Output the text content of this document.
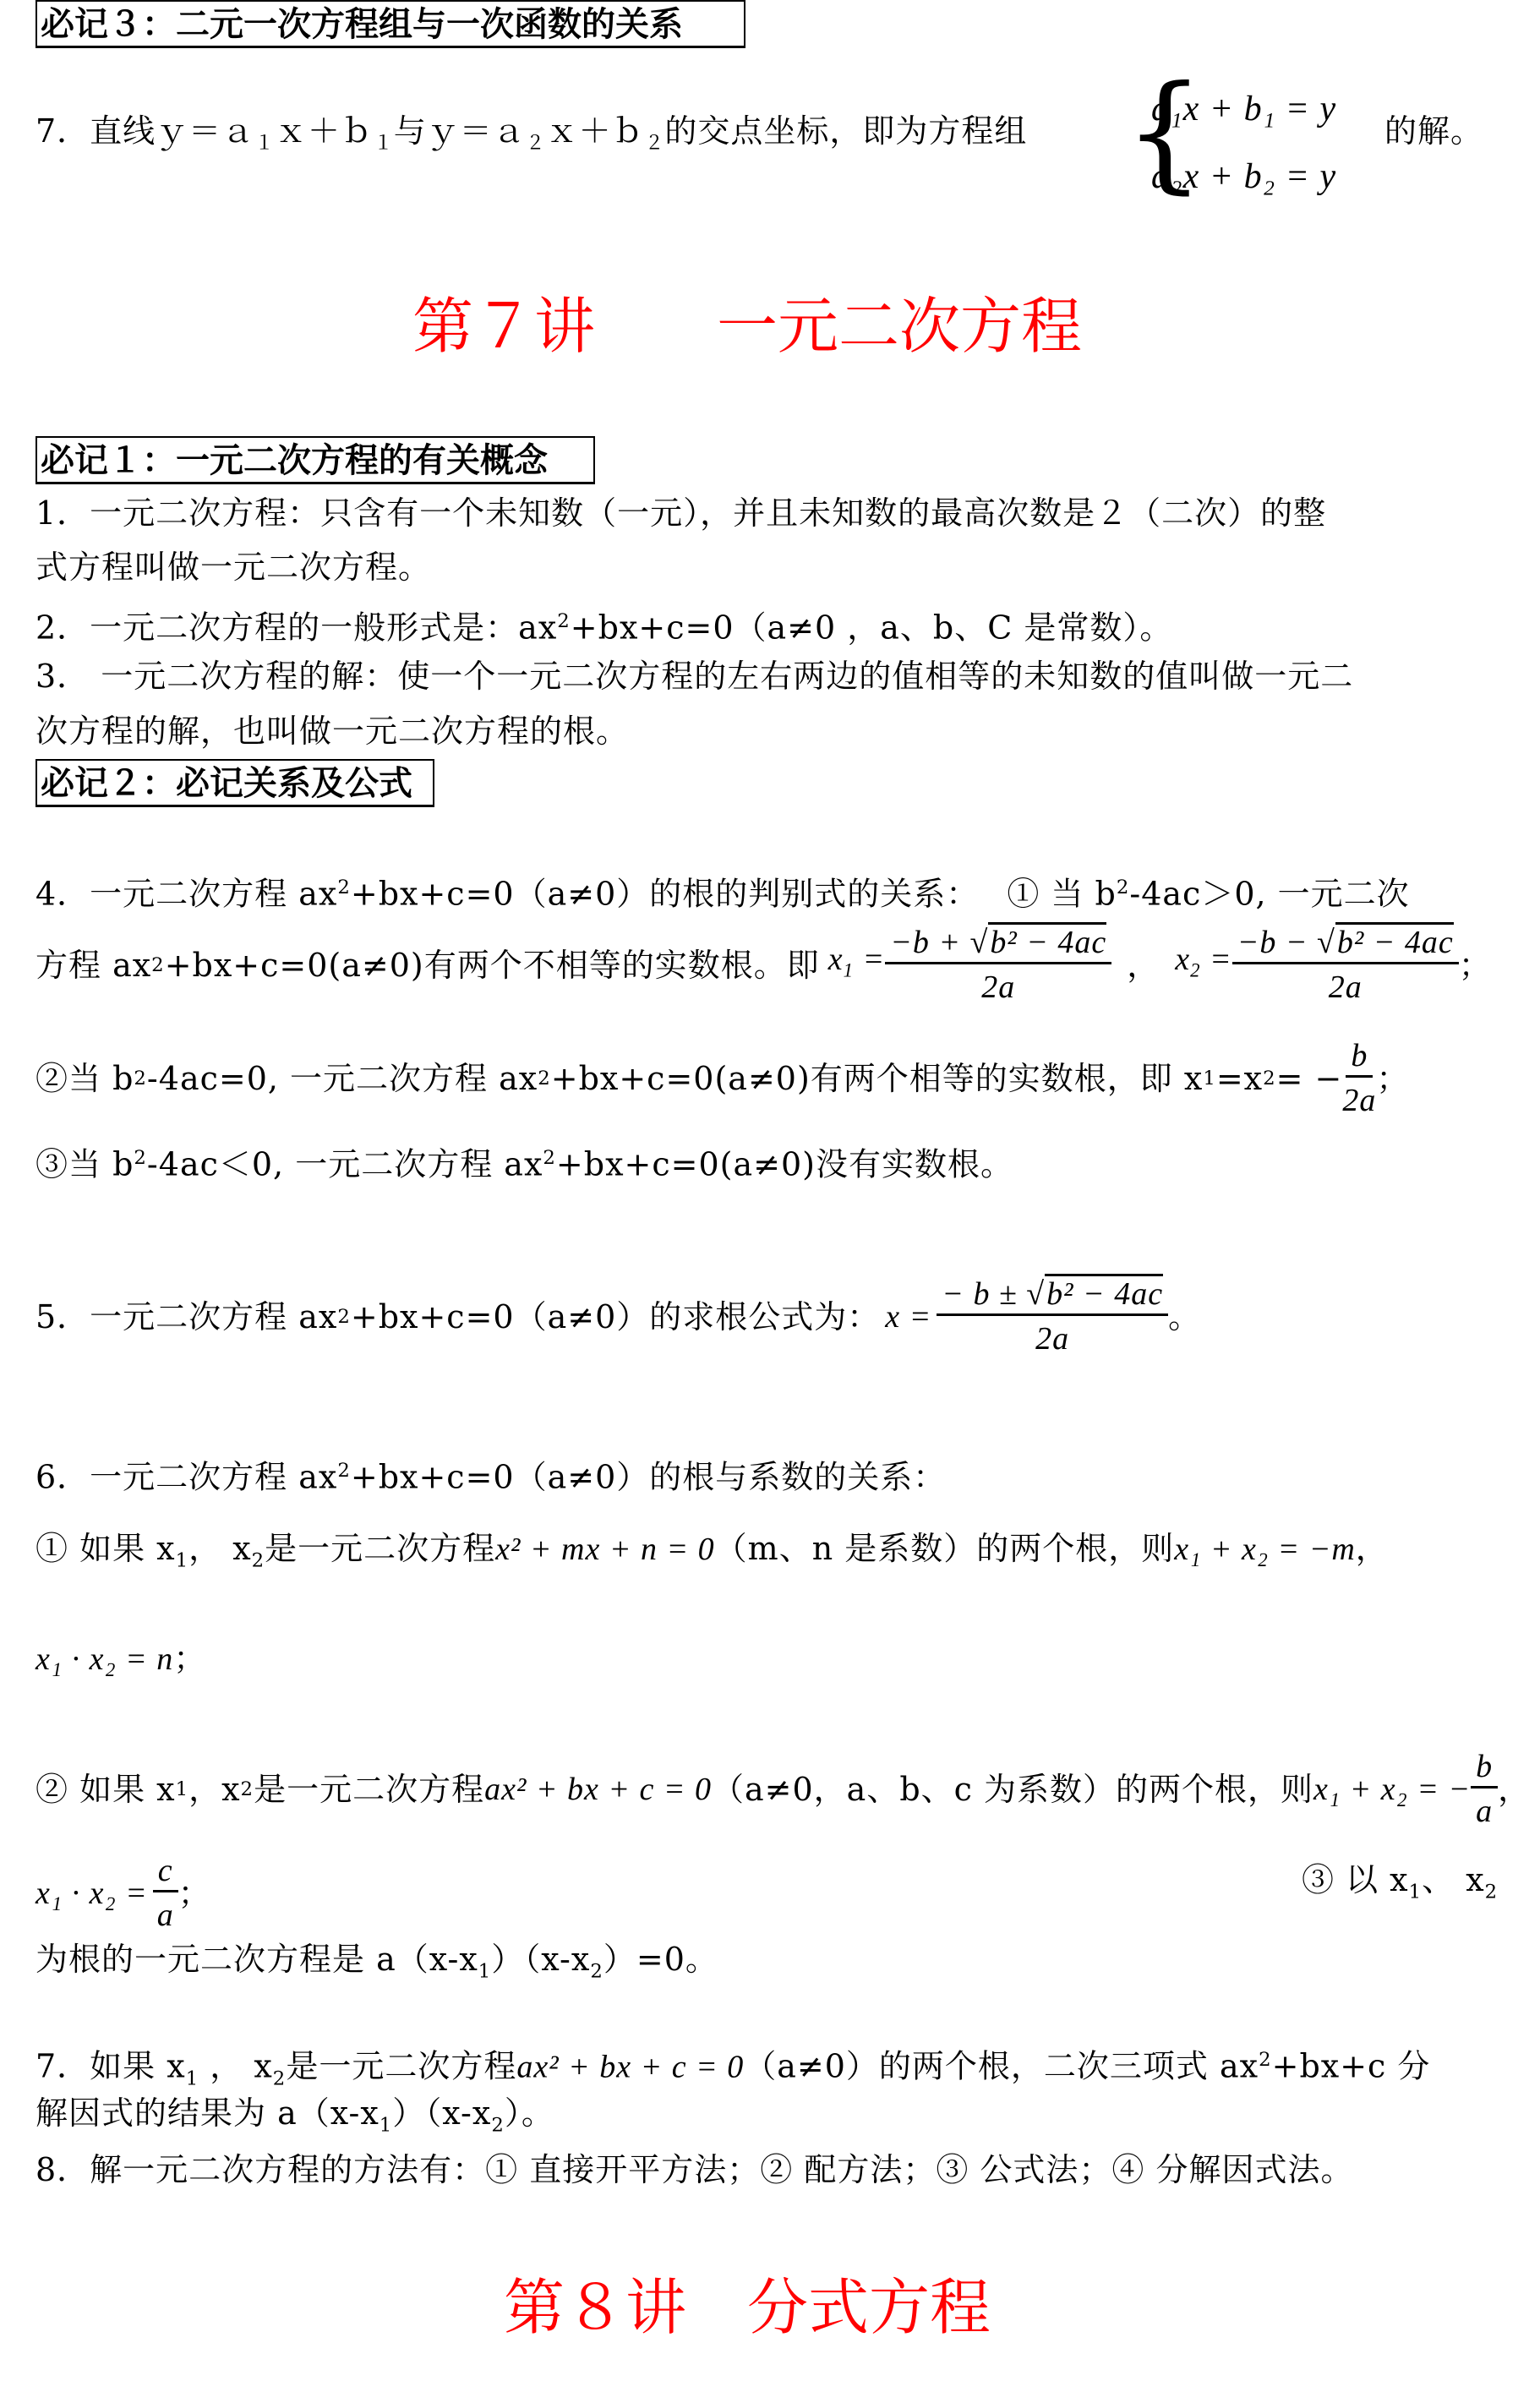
必记３：二元一次方程组与一次函数的关系
7．直线ｙ＝ａ$_1$ｘ＋ｂ$_1$与ｙ＝ａ$_2$ｘ＋ｂ$_2$的交点坐标，即为方程组 {
a₁x + b₁ = y
a₂x + b₂ = y
的解。
第７讲　　一元二次方程
必记１：一元二次方程的有关概念
1．一元二次方程：只含有一个未知数（一元），并且未知数的最高次数是２（二次）的整
式方程叫做一元二次方程。
2．一元二次方程的一般形式是：$ax^2+bx+c=0(a\ne 0$ ，a、b、C 是常数）。
3． 一元二次方程的解：使一个一元二次方程的左右两边的值相等的未知数的值叫做一元二
次方程的解，也叫做一元二次方程的根。
必记２：必记关系及公式
4．一元二次方程 $ax^2+bx+c=0(a\ne 0)$的根的判别式的关系：　 ① 当 $b^2-4ac>0$, 一元二次
方程 ax 2 +bx+c=0(a≠0)有两个不相等的实数根。即 $x_1 = \frac{\text{−b + √b² − 4ac}}{2a}$ ， $x_2 = \frac{\text{−b − √b² − 4ac}}{2a}$ ；
②当 b 2 -4ac=0, 一元二次方程 ax 2 +bx+c=0(a≠0)有两个相等的实数根，即 x 1 =x 2 = − $\frac{b}{2a}$ ；
③当 $b^2-4ac<0$, 一元二次方程 $ax^2+bx+c=0(a\ne 0)$没有实数根。
5．一元二次方程 ax 2 +bx+c=0（a≠0）的求根公式为： $x = \frac{\text{− b ± √b² − 4ac}}{2a}$ 。
6．一元二次方程 $ax^2+bx+c=0(a\ne 0)$的根与系数的关系：
① 如果 $x_1$， $x_2$是一元二次方程x² + mx + n = 0（m、n 是系数）的两个根，则x₁ + x₂ = −m，
x₁ · x₂ = n；
② 如果 x 1 ，x 2 是一元二次方程 ax² + bx + c = 0 （a≠0，a、b、c 为系数）的两个根，则 x₁ + x₂ = − $\frac{b}{a}$ ，
$x_1 \cdot x_2 = \frac{c}{a}$ ；	③ 以 $x_1$、 $x_2$
为根的一元二次方程是 $a(x-x_1)(x-x_2)=0$。
7．如果 $x_1$ ， $x_2$是一元二次方程ax² + bx + c = 0（a≠0）的两个根，二次三项式 $ax^2+bx+c$ 分
解因式的结果为 $a(x-x_1)(x-x_2)$。
8．解一元二次方程的方法有：① 直接开平方法；② 配方法；③ 公式法；④ 分解因式法。
第８讲　分式方程
